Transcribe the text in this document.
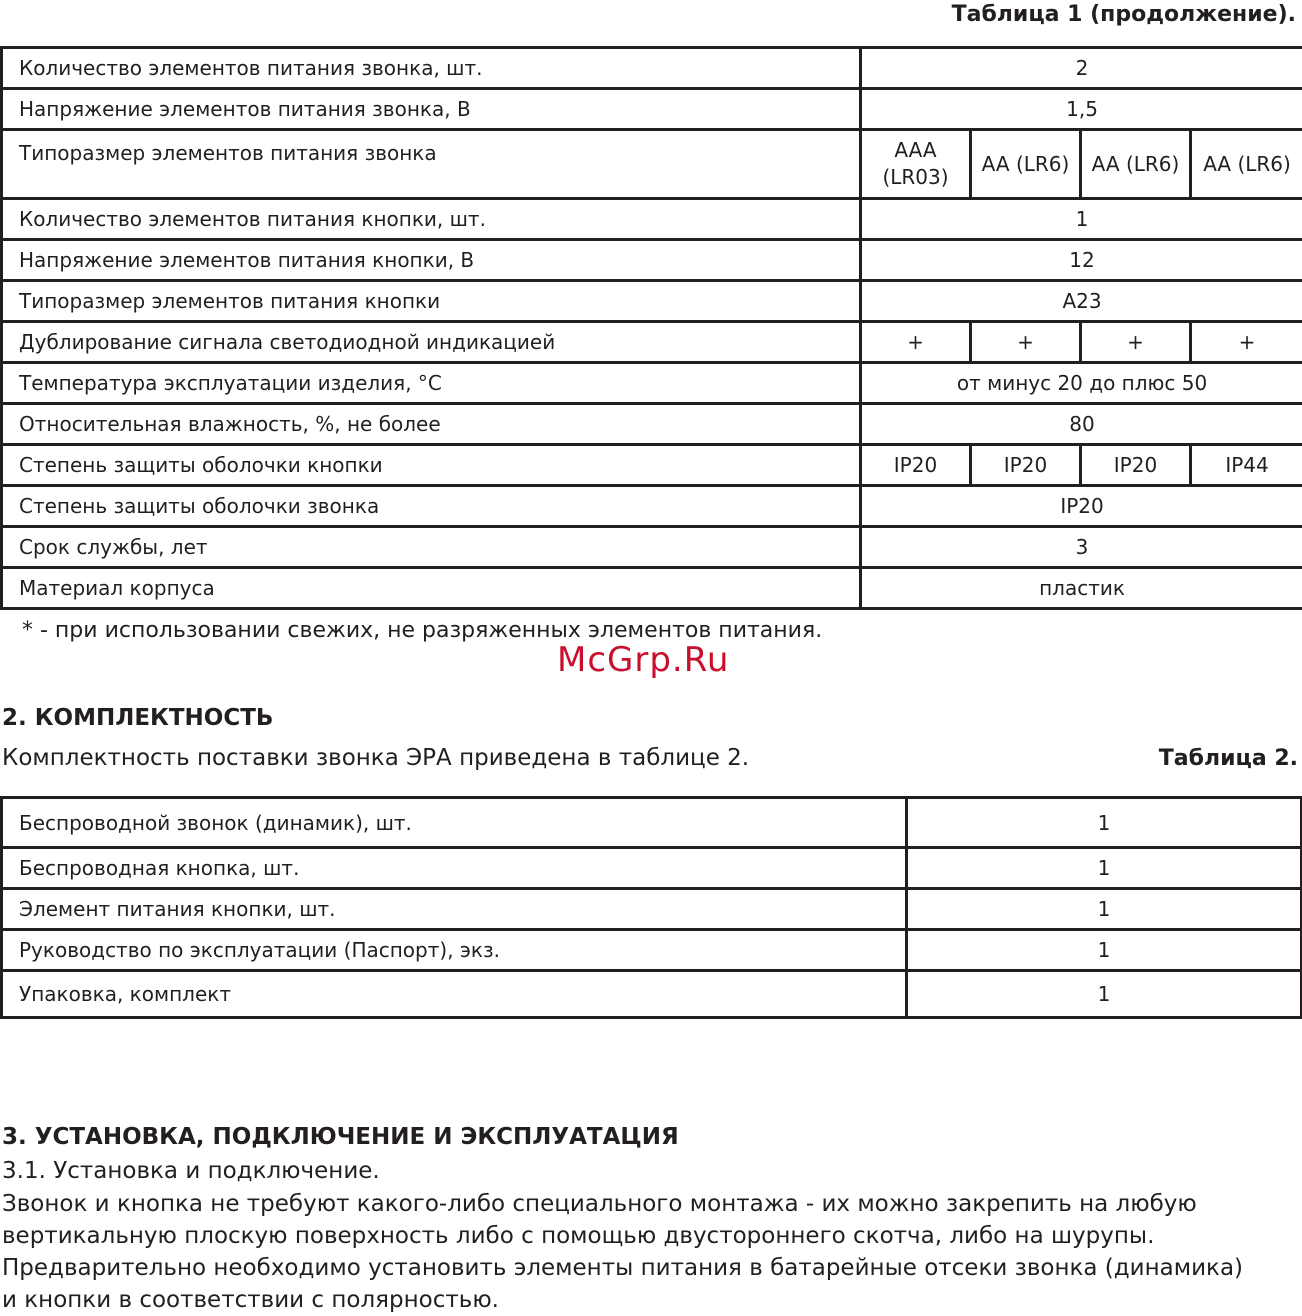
Таблица 1 (продолжение).
Количество элементов питания звонка, шт.	2			
Напряжение элементов питания звонка, В	1,5			
Типоразмер элементов питания звонка	AAA (LR03)	AA (LR6)	AA (LR6)	AA (LR6)
Количество элементов питания кнопки, шт.	1			
Напряжение элементов питания кнопки, В	12			
Типоразмер элементов питания кнопки	A23			
Дублирование сигнала светодиодной индикацией	+	+	+	+
Температура эксплуатации изделия, °С	от минус 20 до плюс 50			
Относительная влажность, %, не более	80			
Степень защиты оболочки кнопки	IP20	IP20	IP20	IP44
Степень защиты оболочки звонка	IP20			
Срок службы, лет	3			
Материал корпуса	пластик			
* - при использовании свежих, не разряженных элементов питания.
McGrp.Ru
2. КОМПЛЕКТНОСТЬ
Комплектность поставки звонка ЭРА приведена в таблице 2.	Таблица 2.
Беспроводной звонок (динамик), шт.	1
Беспроводная кнопка, шт.	1
Элемент питания кнопки, шт.	1
Руководство по эксплуатации (Паспорт), экз.	1
Упаковка, комплект	1
3. УСТАНОВКА, ПОДКЛЮЧЕНИЕ И ЭКСПЛУАТАЦИЯ
3.1. Установка и подключение.
Звонок и кнопка не требуют какого-либо специального монтажа - их можно закрепить на любую
вертикальную плоскую поверхность либо с помощью двустороннего скотча, либо на шурупы.
Предварительно необходимо установить элементы питания в батарейные отсеки звонка (динамика)
и кнопки в соответствии с полярностью.
